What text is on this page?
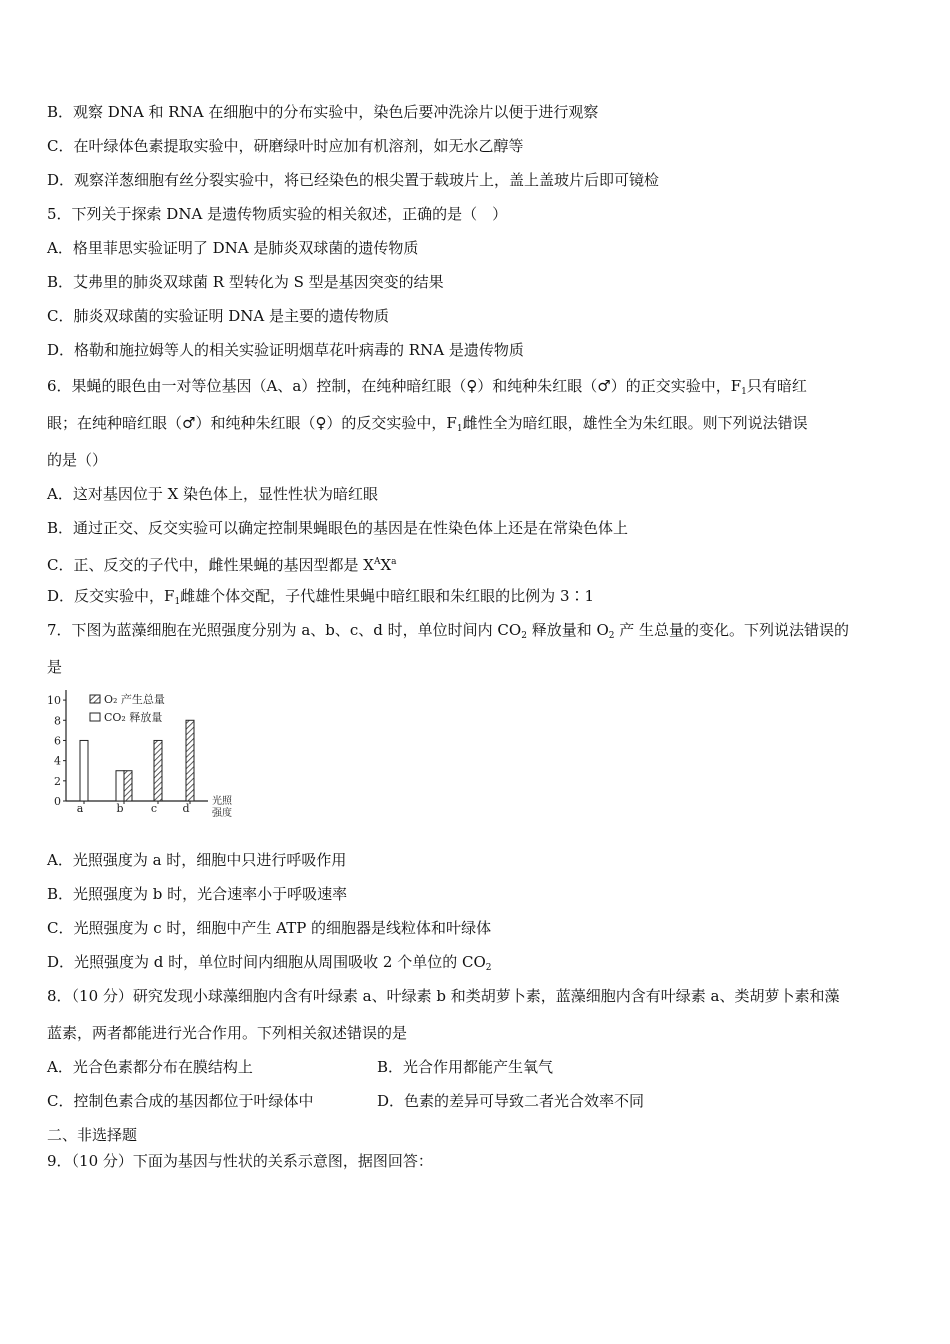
B．观察 DNA 和 RNA 在细胞中的分布实验中，染色后要冲洗涂片以便于进行观察
C．在叶绿体色素提取实验中，研磨绿叶时应加有机溶剂，如无水乙醇等
D．观察洋葱细胞有丝分裂实验中，将已经染色的根尖置于载玻片上，盖上盖玻片后即可镜检
5．下列关于探索 DNA 是遗传物质实验的相关叙述，正确的是（　）
A．格里菲思实验证明了 DNA 是肺炎双球菌的遗传物质
B．艾弗里的肺炎双球菌 R 型转化为 S 型是基因突变的结果
C．肺炎双球菌的实验证明 DNA 是主要的遗传物质
D．格勒和施拉姆等人的相关实验证明烟草花叶病毒的 RNA 是遗传物质
6．果蝇的眼色由一对等位基因（A、a）控制，在纯种暗红眼（♀）和纯种朱红眼（♂）的正交实验中，$F_1$只有暗红
眼；在纯种暗红眼（♂）和纯种朱红眼（♀）的反交实验中，$F_1$雌性全为暗红眼，雄性全为朱红眼。则下列说法错误
的是（）
A．这对基因位于 X 染色体上，显性性状为暗红眼
B．通过正交、反交实验可以确定控制果蝇眼色的基因是在性染色体上还是在常染色体上
C．正、反交的子代中，雌性果蝇的基因型都是 $X^AX^a$
D．反交实验中，$F_1$雌雄个体交配，子代雄性果蝇中暗红眼和朱红眼的比例为 3∶1
7．下图为蓝藻细胞在光照强度分别为 a、b、c、d 时，单位时间内 $CO_2$ 释放量和 $O_2$ 产 生总量的变化。下列说法错误的
是
0
2
4
6
8
10
a	b c d
光照
强度
O₂ 产生总量
CO₂ 释放量
A．光照强度为 a 时，细胞中只进行呼吸作用
B．光照强度为 b 时，光合速率小于呼吸速率
C．光照强度为 c 时，细胞中产生 ATP 的细胞器是线粒体和叶绿体
D．光照强度为 d 时，单位时间内细胞从周围吸收 2 个单位的 $CO_2$
8．（10 分）研究发现小球藻细胞内含有叶绿素 a、叶绿素 b 和类胡萝卜素，蓝藻细胞内含有叶绿素 a、类胡萝卜素和藻
蓝素，两者都能进行光合作用。下列相关叙述错误的是
A．光合色素都分布在膜结构上	B．光合作用都能产生氧气
C．控制色素合成的基因都位于叶绿体中	D．色素的差异可导致二者光合效率不同
二、非选择题
9．（10 分）下面为基因与性状的关系示意图，据图回答：
